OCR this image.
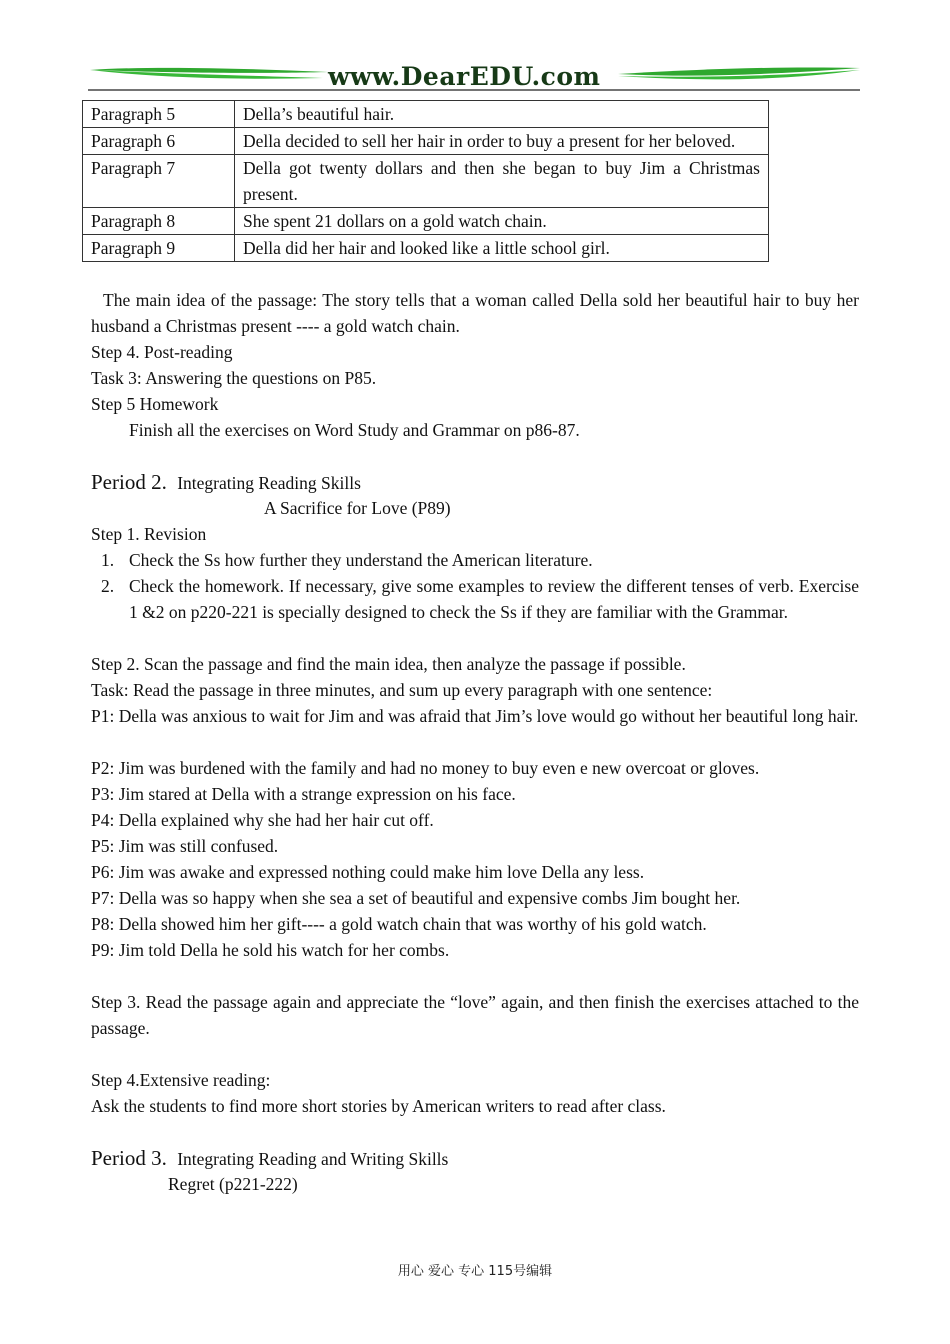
www.DearEDU.com
Paragraph 5	Della’s beautiful hair.
Paragraph 6	Della decided to sell her hair in order to buy a present for her beloved.
Paragraph 7	Della got twenty dollars and then she began to buy Jim a Christmas present.
Paragraph 8	She spent 21 dollars on a gold watch chain.
Paragraph 9	Della did her hair and looked like a little school girl.
The main idea of the passage: The story tells that a woman called Della sold her beautiful hair to buy her husband a Christmas present ---- a gold watch chain.
Step 4. Post-reading
Task 3: Answering the questions on P85.
Step 5 Homework
Finish all the exercises on Word Study and Grammar on p86-87.
Period 2. Integrating Reading Skills
A Sacrifice for Love (P89)
Step 1. Revision
1. Check the Ss how further they understand the American literature.
2. Check the homework. If necessary, give some examples to review the different tenses of verb. Exercise 1 &2 on p220-221 is specially designed to check the Ss if they are familiar with the Grammar.
Step 2. Scan the passage and find the main idea, then analyze the passage if possible.
Task: Read the passage in three minutes, and sum up every paragraph with one sentence:
P1: Della was anxious to wait for Jim and was afraid that Jim’s love would go without her beautiful long hair.
P2: Jim was burdened with the family and had no money to buy even e new overcoat or gloves.
P3: Jim stared at Della with a strange expression on his face.
P4: Della explained why she had her hair cut off.
P5: Jim was still confused.
P6: Jim was awake and expressed nothing could make him love Della any less.
P7: Della was so happy when she sea a set of beautiful and expensive combs Jim bought her.
P8: Della showed him her gift---- a gold watch chain that was worthy of his gold watch.
P9: Jim told Della he sold his watch for her combs.
Step 3. Read the passage again and appreciate the “love” again, and then finish the exercises attached to the passage.
Step 4.Extensive reading:
Ask the students to find more short stories by American writers to read after class.
Period 3. Integrating Reading and Writing Skills
Regret (p221-222)
用心 爱心 专心 115号编辑
